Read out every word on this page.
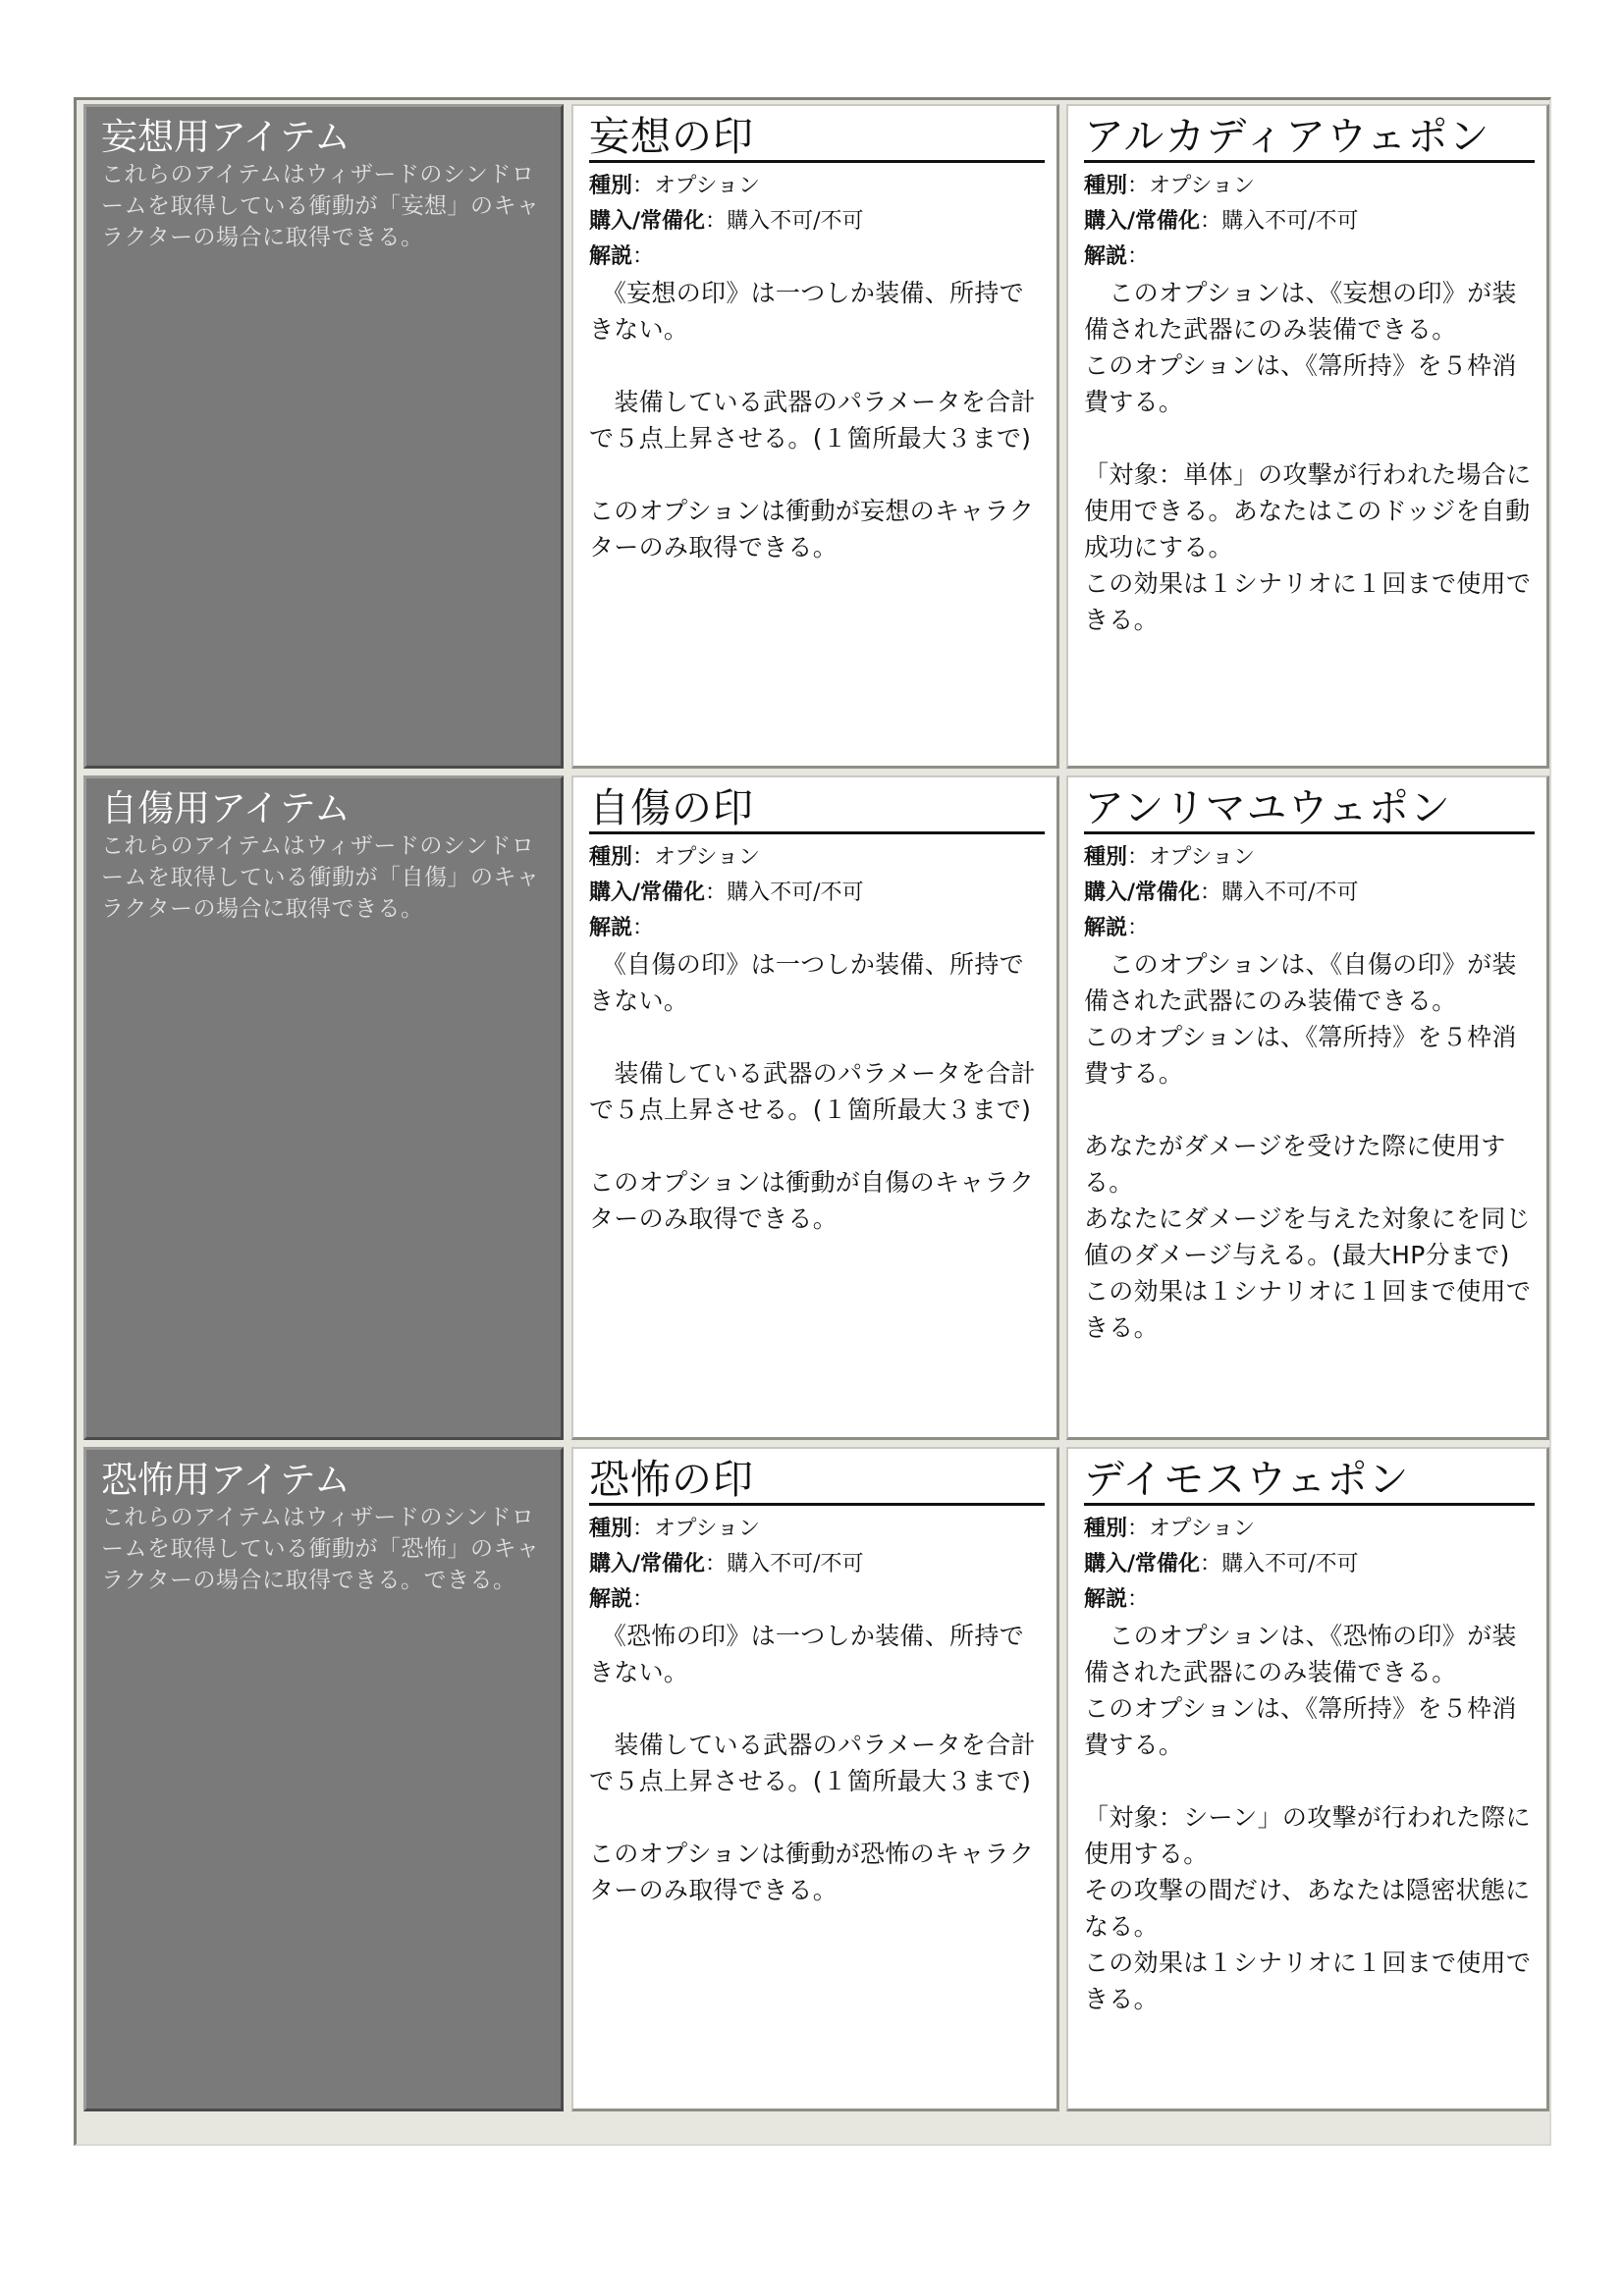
妄想用アイテム
これらのアイテムはウィザードのシンドロームを取得している衝動が「妄想」のキャラクターの場合に取得できる。
妄想の印
種別：オプション
購入/常備化：購入不可/不可
解説：

　《妄想の印》は一つしか装備、所持できない。

　装備している武器のパラメータを合計で５点上昇させる。(１箇所最大３まで)

このオプションは衝動が妄想のキャラクターのみ取得できる。

アルカディアウェポン
種別：オプション
購入/常備化：購入不可/不可
解説：

　このオプションは、《妄想の印》が装備された武器にのみ装備できる。

このオプションは、《箒所持》を５枠消費する。

「対象：単体」の攻撃が行われた場合に使用できる。あなたはこのドッジを自動成功にする。

この効果は１シナリオに１回まで使用できる。

自傷用アイテム
これらのアイテムはウィザードのシンドロームを取得している衝動が「自傷」のキャラクターの場合に取得できる。
自傷の印
種別：オプション
購入/常備化：購入不可/不可
解説：

　《自傷の印》は一つしか装備、所持できない。

　装備している武器のパラメータを合計で５点上昇させる。(１箇所最大３まで)

このオプションは衝動が自傷のキャラクターのみ取得できる。

アンリマユウェポン
種別：オプション
購入/常備化：購入不可/不可
解説：

　このオプションは、《自傷の印》が装備された武器にのみ装備できる。

このオプションは、《箒所持》を５枠消費する。

あなたがダメージを受けた際に使用する。

あなたにダメージを与えた対象にを同じ値のダメージ与える。(最大HP分まで)

この効果は１シナリオに１回まで使用できる。

恐怖用アイテム
これらのアイテムはウィザードのシンドロームを取得している衝動が「恐怖」のキャラクターの場合に取得できる。できる。
恐怖の印
種別：オプション
購入/常備化：購入不可/不可
解説：

　《恐怖の印》は一つしか装備、所持できない。

　装備している武器のパラメータを合計で５点上昇させる。(１箇所最大３まで)

このオプションは衝動が恐怖のキャラクターのみ取得できる。

デイモスウェポン
種別：オプション
購入/常備化：購入不可/不可
解説：

　このオプションは、《恐怖の印》が装備された武器にのみ装備できる。

このオプションは、《箒所持》を５枠消費する。

「対象：シーン」の攻撃が行われた際に使用する。

その攻撃の間だけ、あなたは隠密状態になる。

この効果は１シナリオに１回まで使用できる。
